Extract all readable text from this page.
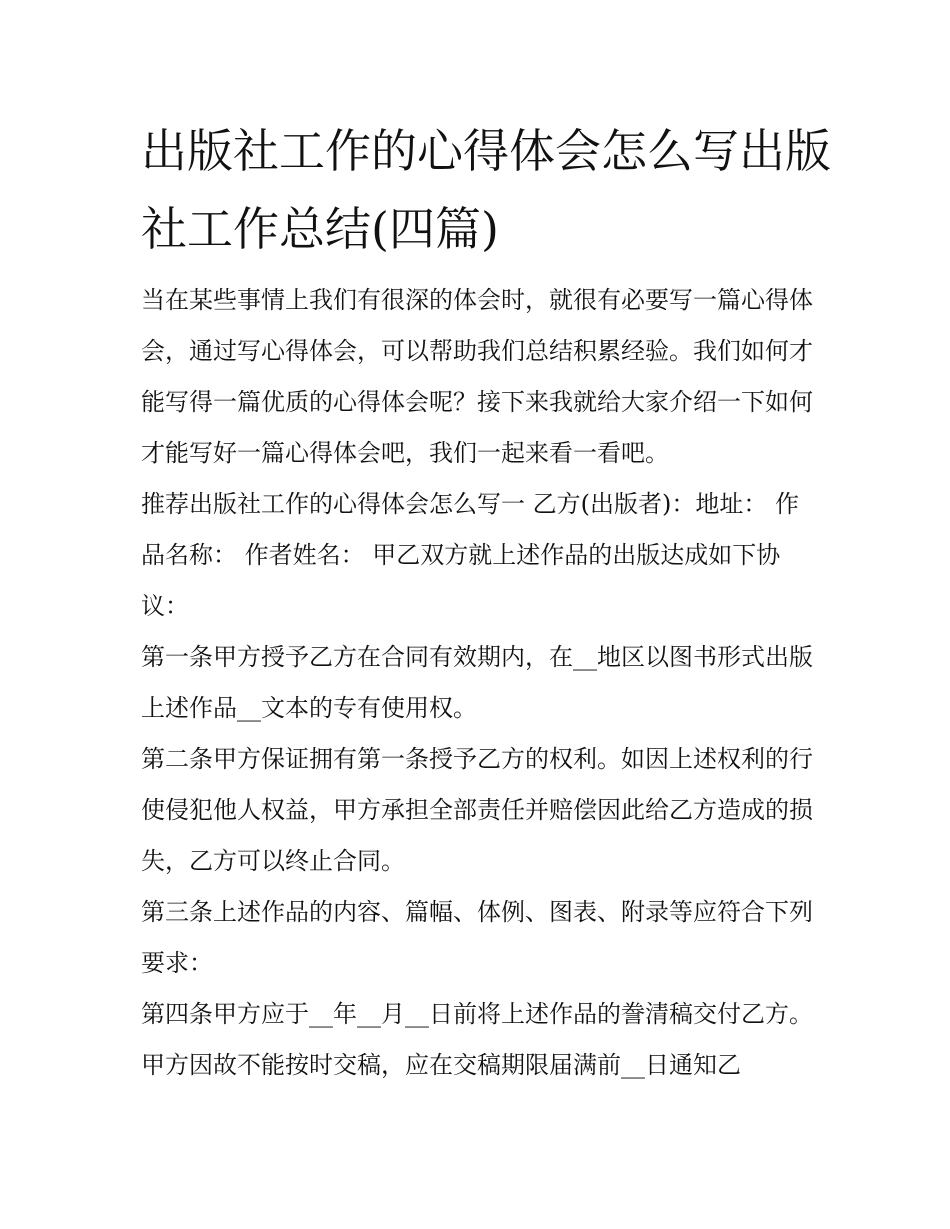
出版社工作的心得体会怎么写出版社工作总结(四篇)

当在某些事情上我们有很深的体会时，就很有必要写一篇心得体会，通过写心得体会，可以帮助我们总结积累经验。我们如何才能写得一篇优质的心得体会呢？接下来我就给大家介绍一下如何才能写好一篇心得体会吧，我们一起来看一看吧。

推荐出版社工作的心得体会怎么写一 乙方(出版者)：地址： 作品名称： 作者姓名： 甲乙双方就上述作品的出版达成如下协议：

第一条甲方授予乙方在合同有效期内，在__地区以图书形式出版上述作品__文本的专有使用权。

第二条甲方保证拥有第一条授予乙方的权利。如因上述权利的行使侵犯他人权益，甲方承担全部责任并赔偿因此给乙方造成的损失，乙方可以终止合同。

第三条上述作品的内容、篇幅、体例、图表、附录等应符合下列要求：

第四条甲方应于__年__月__日前将上述作品的誊清稿交付乙方。甲方因故不能按时交稿，应在交稿期限届满前__日通知乙
